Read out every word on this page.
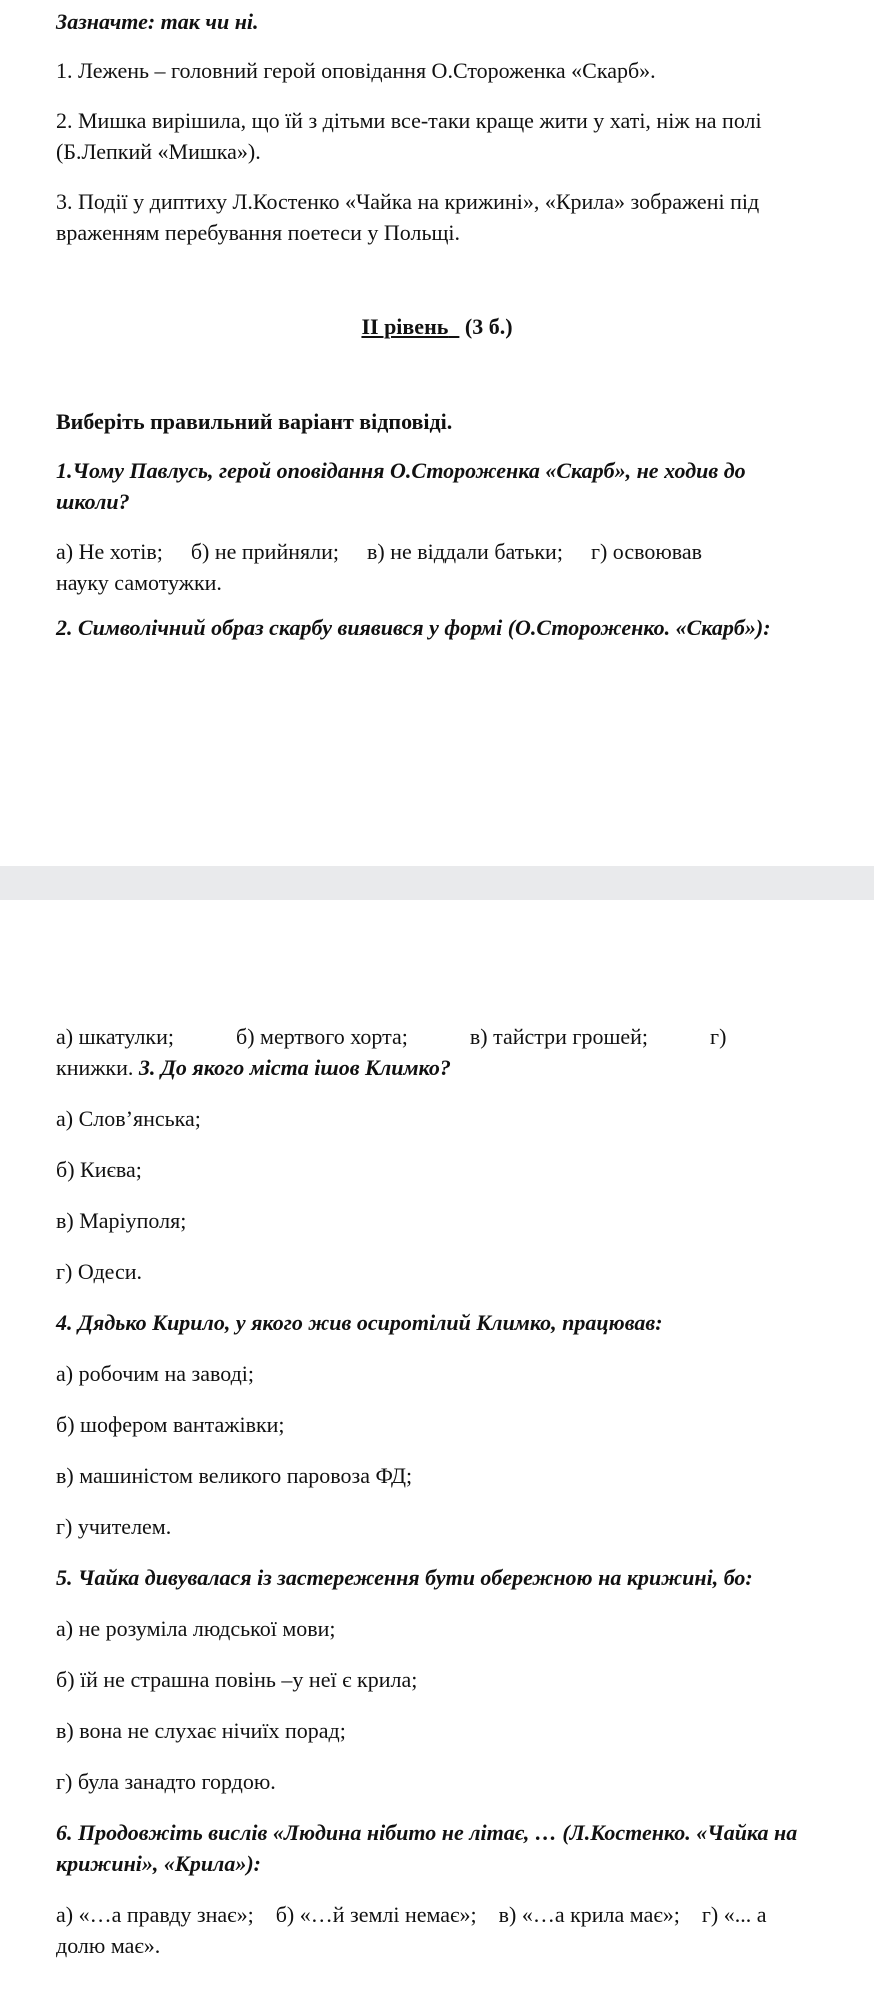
Зазначте: так чи ні.

1. Лежень – головний герой оповідання О.Стороженка «Скарб».

2. Мишка вирішила, що їй з дітьми все-таки краще жити у хаті, ніж на полі (Б.Лепкий «Мишка»).

3. Події у диптиху Л.Костенко «Чайка на крижині», «Крила» зображені під враженням перебування поетеси у Польщі.

ІІ рівень (3 б.)

Виберіть правильний варіант відповіді.

1.Чому Павлусь, герой оповідання О.Стороженка «Скарб», не ходив до школи?

а) Не хотів; б) не прийняли; в) не віддали батьки; г) освоював
науку самотужки.

2. Символічний образ скарбу виявився у формі (О.Стороженко. «Скарб»):

а) шкатулки;	б) мертвого хорта;	в) тайстри грошей;	г)

книжки. 3. До якого міста ішов Климко?

а) Слов’янська;

б) Києва;

в) Маріуполя;

г) Одеси.

4. Дядько Кирило, у якого жив осиротілий Климко, працював:

а) робочим на заводі;

б) шофером вантажівки;

в) машиністом великого паровоза ФД;

г) учителем.

5. Чайка дивувалася із застереження бути обережною на крижині, бо:

а) не розуміла людської мови;

б) їй не страшна повінь –у неї є крила;

в) вона не слухає нічиїх порад;

г) була занадто гордою.

6. Продовжіть вислів «Людина нібито не літає, … (Л.Костенко. «Чайка на крижині», «Крила»):

а) «…а правду знає»; б) «…й землі немає»; в) «…а крила має»; г) «... а
долю має».
